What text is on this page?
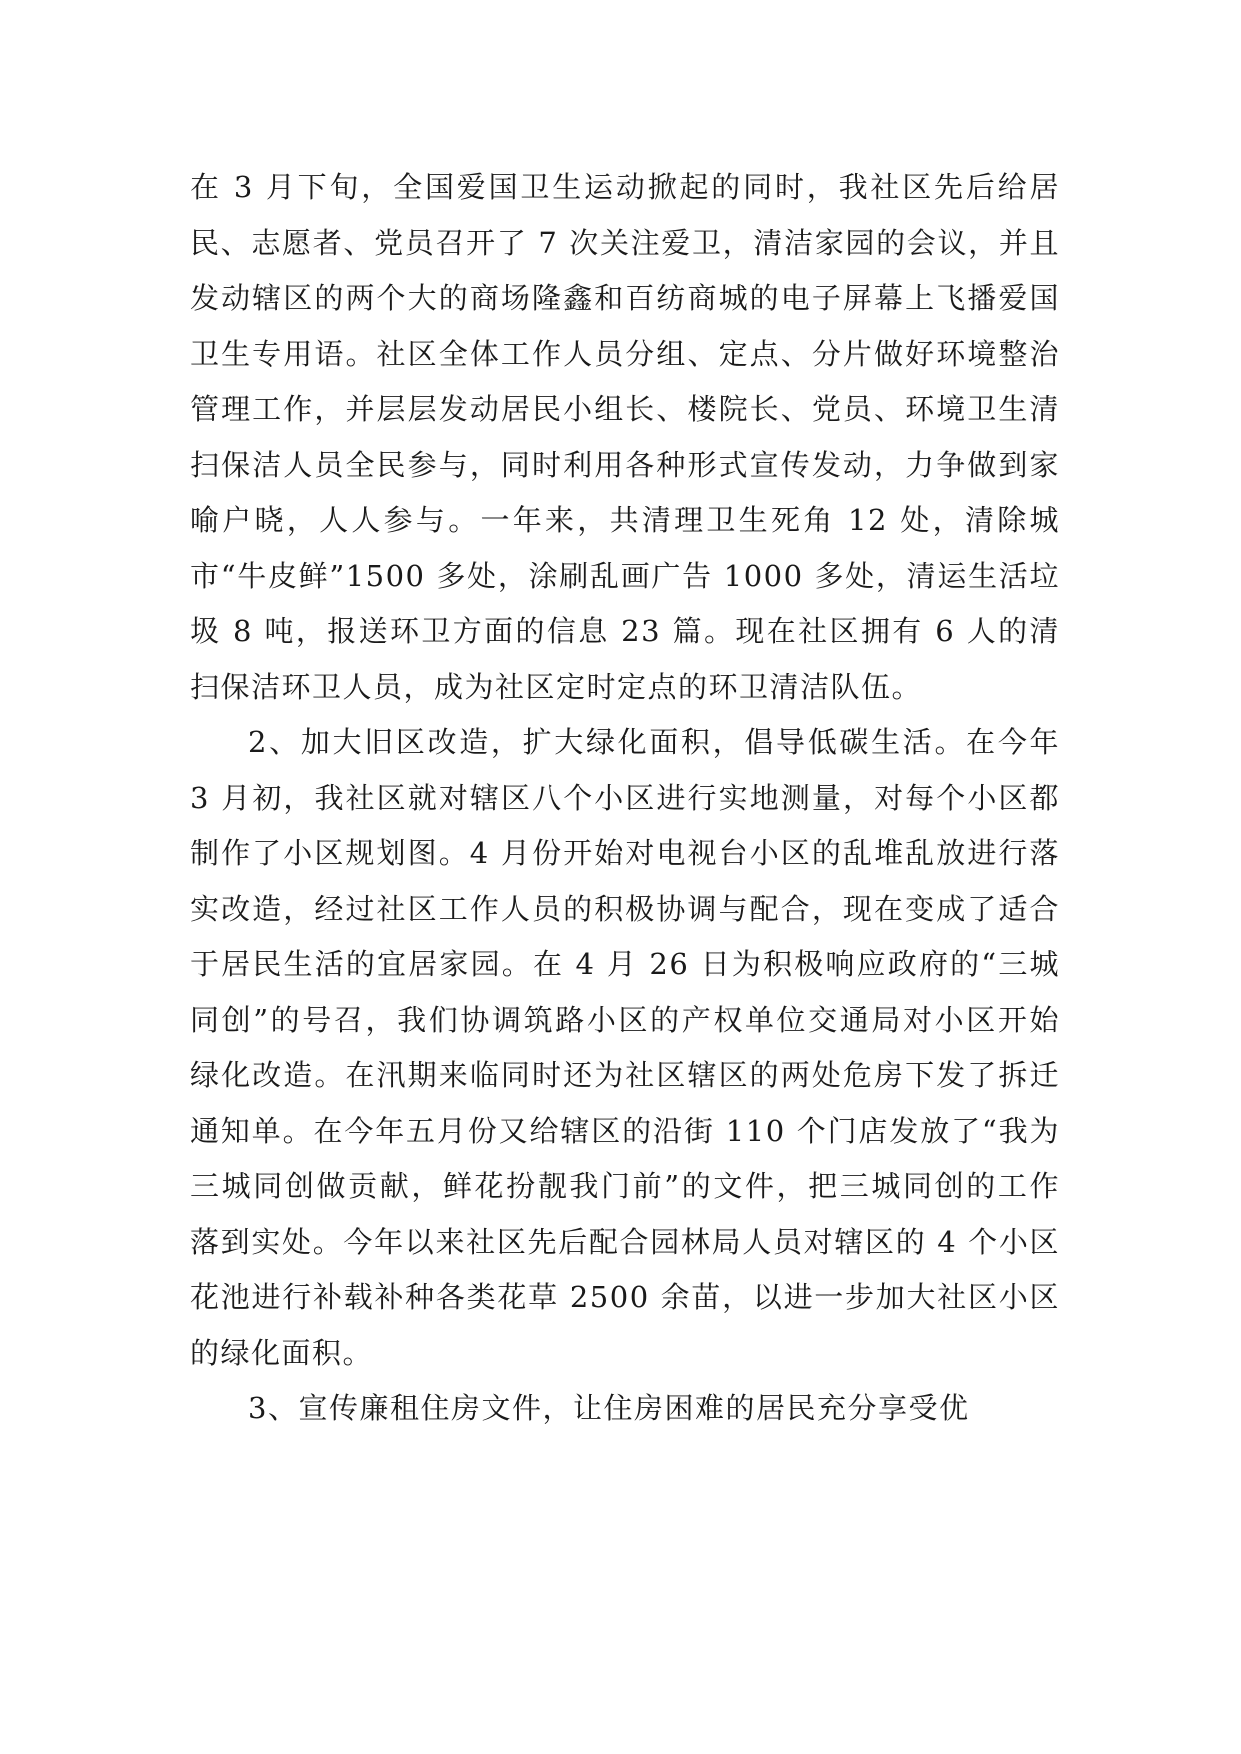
在 3 月下旬，全国爱国卫生运动掀起的同时，我社区先后给居民、志愿者、党员召开了 7 次关注爱卫，清洁家园的会议，并且发动辖区的两个大的商场隆鑫和百纺商城的电子屏幕上飞播爱国卫生专用语。社区全体工作人员分组、定点、分片做好环境整治管理工作，并层层发动居民小组长、楼院长、党员、环境卫生清扫保洁人员全民参与，同时利用各种形式宣传发动，力争做到家喻户晓，人人参与。一年来，共清理卫生死角 12 处，清除城市“牛皮鲜”1500 多处，涂刷乱画广告 1000 多处，清运生活垃圾 8 吨，报送环卫方面的信息 23 篇。现在社区拥有 6 人的清扫保洁环卫人员，成为社区定时定点的环卫清洁队伍。

2、加大旧区改造，扩大绿化面积，倡导低碳生活。在今年 3 月初，我社区就对辖区八个小区进行实地测量，对每个小区都制作了小区规划图。4 月份开始对电视台小区的乱堆乱放进行落实改造，经过社区工作人员的积极协调与配合，现在变成了适合于居民生活的宜居家园。在 4 月 26 日为积极响应政府的“三城同创”的号召，我们协调筑路小区的产权单位交通局对小区开始绿化改造。在汛期来临同时还为社区辖区的两处危房下发了拆迁通知单。在今年五月份又给辖区的沿街 110 个门店发放了“我为三城同创做贡献，鲜花扮靓我门前”的文件，把三城同创的工作落到实处。今年以来社区先后配合园林局人员对辖区的 4 个小区花池进行补载补种各类花草 2500 余苗，以进一步加大社区小区的绿化面积。

3、宣传廉租住房文件，让住房困难的居民充分享受优
